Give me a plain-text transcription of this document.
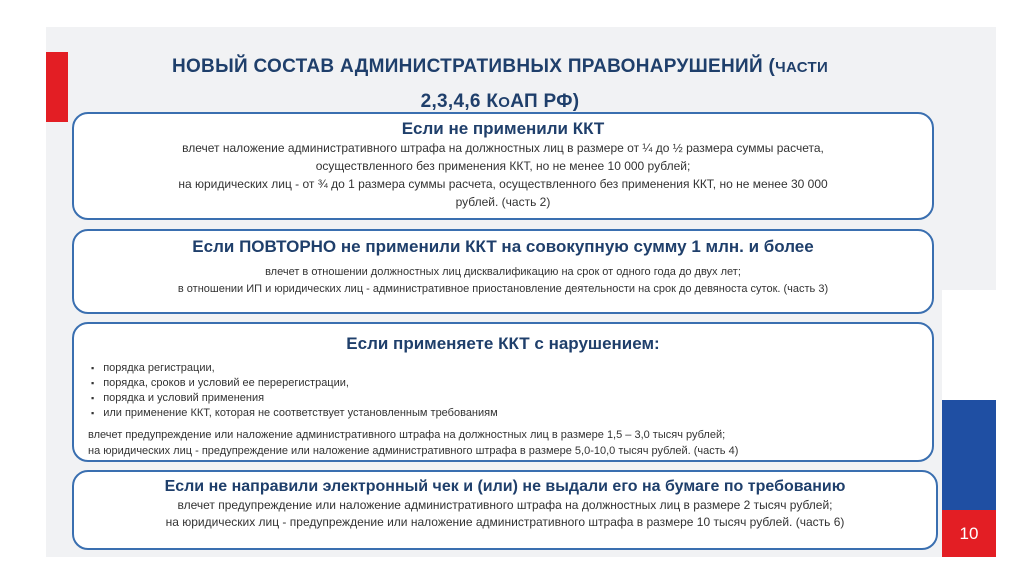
10
НОВЫЙ СОСТАВ АДМИНИСТРАТИВНЫХ ПРАВОНАРУШЕНИЙ (ЧАСТИ
2,3,4,6 КОАП РФ)
Если не применили ККТ

влечет наложение административного штрафа на должностных лиц в размере от ¼ до ½ размера суммы расчета,

осуществленного без применения ККТ, но не менее 10 000 рублей;

на юридических лиц - от ¾ до 1 размера суммы расчета, осуществленного без применения ККТ, но не менее 30 000

рублей. (часть 2)

Если ПОВТОРНО не применили ККТ на совокупную сумму 1 млн. и более

влечет в отношении должностных лиц дисквалификацию на срок от одного года до двух лет;

в отношении ИП и юридических лиц - административное приостановление деятельности на срок до девяноста суток. (часть 3)

Если применяете ККТ с нарушением:
▪ порядка регистрации,
▪ порядка, сроков и условий ее перерегистрации,
▪ порядка и условий применения
▪ или применение ККТ, которая не соответствует установленным требованиям
влечет предупреждение или наложение административного штрафа на должностных лиц в размере 1,5 – 3,0 тысяч рублей;
на юридических лиц - предупреждение или наложение административного штрафа в размере 5,0-10,0 тысяч рублей. (часть 4)
Если не направили электронный чек и (или) не выдали его на бумаге по требованию

влечет предупреждение или наложение административного штрафа на должностных лиц в размере 2 тысяч рублей;

на юридических лиц - предупреждение или наложение административного штрафа в размере 10 тысяч рублей. (часть 6)
